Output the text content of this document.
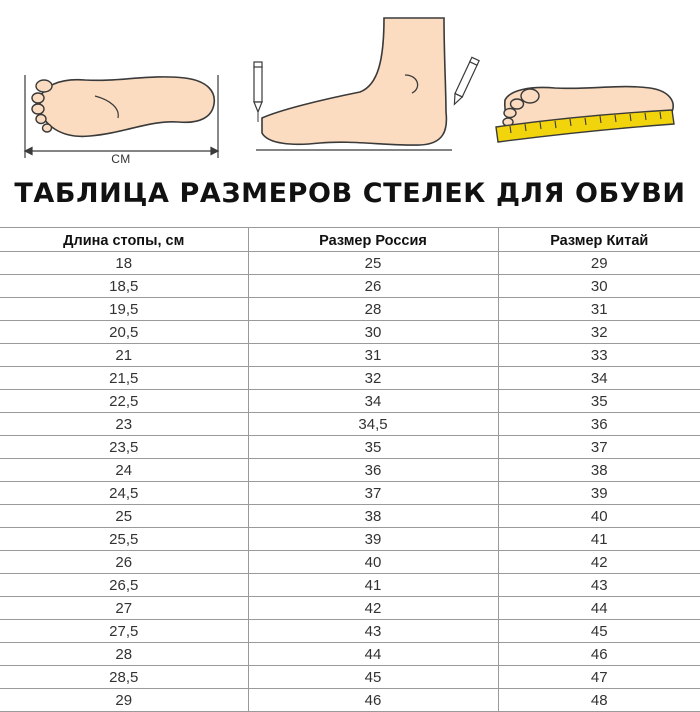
СМ
ТАБЛИЦА РАЗМЕРОВ СТЕЛЕК ДЛЯ ОБУВИ
Длина стопы, см	Размер Россия	Размер Китай
18	25	29
18,5	26	30
19,5	28	31
20,5	30	32
21	31	33
21,5	32	34
22,5	34	35
23	34,5	36
23,5	35	37
24	36	38
24,5	37	39
25	38	40
25,5	39	41
26	40	42
26,5	41	43
27	42	44
27,5	43	45
28	44	46
28,5	45	47
29	46	48
